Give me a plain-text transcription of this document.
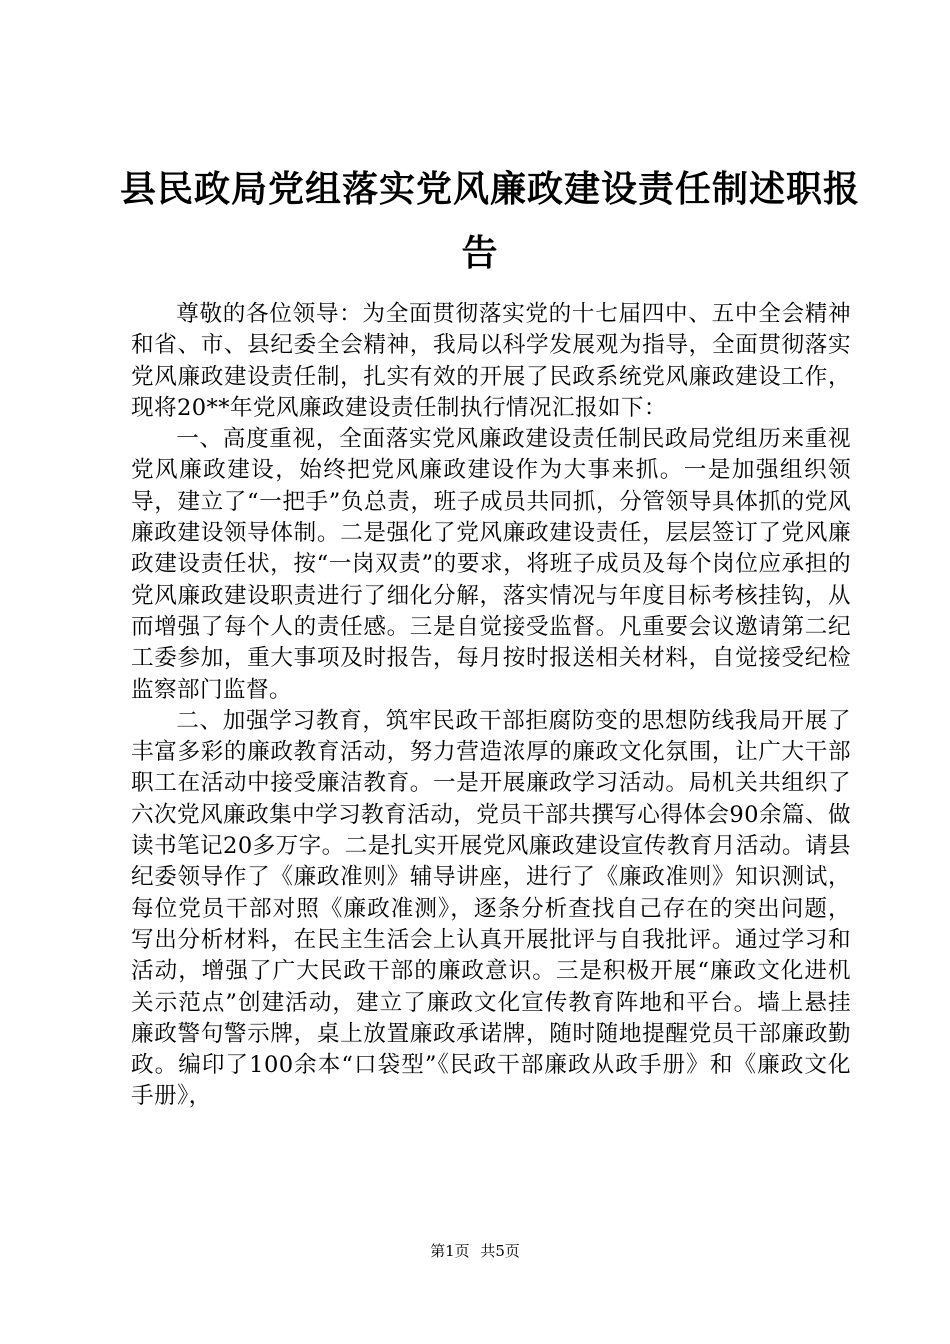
县民政局党组落实党风廉政建设责任制述职报
告

尊敬的各位领导：为全面贯彻落实党的十七届四中、五中全会精神和省、市、县纪委全会精神，我局以科学发展观为指导，全面贯彻落实党风廉政建设责任制，扎实有效的开展了民政系统党风廉政建设工作，现将20**年党风廉政建设责任制执行情况汇报如下：

一、高度重视，全面落实党风廉政建设责任制民政局党组历来重视党风廉政建设，始终把党风廉政建设作为大事来抓。一是加强组织领导，建立了“一把手”负总责，班子成员共同抓，分管领导具体抓的党风廉政建设领导体制。二是强化了党风廉政建设责任，层层签订了党风廉政建设责任状，按“一岗双责”的要求，将班子成员及每个岗位应承担的党风廉政建设职责进行了细化分解，落实情况与年度目标考核挂钩，从而增强了每个人的责任感。三是自觉接受监督。凡重要会议邀请第二纪工委参加，重大事项及时报告，每月按时报送相关材料，自觉接受纪检监察部门监督。

二、加强学习教育，筑牢民政干部拒腐防变的思想防线我局开展了丰富多彩的廉政教育活动，努力营造浓厚的廉政文化氛围，让广大干部职工在活动中接受廉洁教育。一是开展廉政学习活动。局机关共组织了六次党风廉政集中学习教育活动，党员干部共撰写心得体会90余篇、做读书笔记20多万字。二是扎实开展党风廉政建设宣传教育月活动。请县纪委领导作了《廉政准则》辅导讲座，进行了《廉政准则》知识测试，每位党员干部对照《廉政准测》，逐条分析查找自己存在的突出问题，写出分析材料，在民主生活会上认真开展批评与自我批评。通过学习和活动，增强了广大民政干部的廉政意识。三是积极开展“廉政文化进机关示范点”创建活动，建立了廉政文化宣传教育阵地和平台。墙上悬挂廉政警句警示牌，桌上放置廉政承诺牌，随时随地提醒党员干部廉政勤政。编印了100余本“口袋型”《民政干部廉政从政手册》和《廉政文化手册》，

第1页 共5页
